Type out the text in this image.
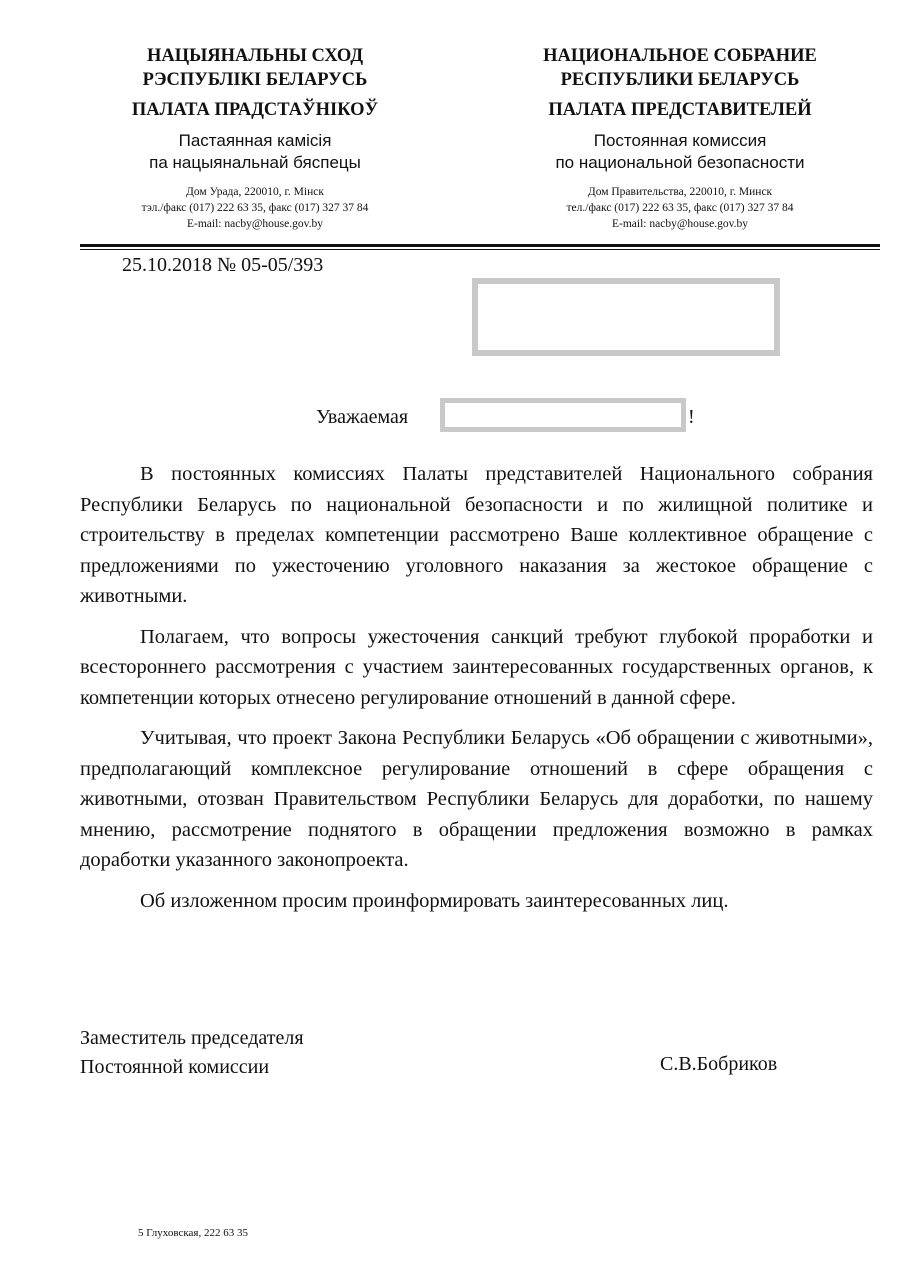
НАЦЫЯНАЛЬНЫ СХОД
РЭСПУБЛІКІ БЕЛАРУСЬ
ПАЛАТА ПРАДСТАЎНІКОЎ
Пастаянная камісія
па нацыянальнай бяспецы
Дом Урада, 220010, г. Мінск
тэл./факс (017) 222 63 35, факс (017) 327 37 84
E-mail: nacby@house.gov.by
НАЦИОНАЛЬНОЕ СОБРАНИЕ
РЕСПУБЛИКИ БЕЛАРУСЬ
ПАЛАТА ПРЕДСТАВИТЕЛЕЙ
Постоянная комиссия
по национальной безопасности
Дом Правительства, 220010, г. Минск
тел./факс (017) 222 63 35, факс (017) 327 37 84
E-mail: nacby@house.gov.by
25.10.2018 № 05-05/393
Уважаемая	!

В постоянных комиссиях Палаты представителей Национального собрания Республики Беларусь по национальной безопасности и по жилищной политике и строительству в пределах компетенции рассмотрено Ваше коллективное обращение с предложениями по ужесточению уголовного наказания за жестокое обращение с животными.

Полагаем, что вопросы ужесточения санкций требуют глубокой проработки и всестороннего рассмотрения с участием заинтересованных государственных органов, к компетенции которых отнесено регулирование отношений в данной сфере.

Учитывая, что проект Закона Республики Беларусь «Об обращении с животными», предполагающий комплексное регулирование отношений в сфере обращения с животными, отозван Правительством Республики Беларусь для доработки, по нашему мнению, рассмотрение поднятого в обращении предложения возможно в рамках доработки указанного законопроекта.

Об изложенном просим проинформировать заинтересованных лиц.

Заместитель председателя
Постоянной комиссии	С.В.Бобриков
5 Глуховская, 222 63 35
